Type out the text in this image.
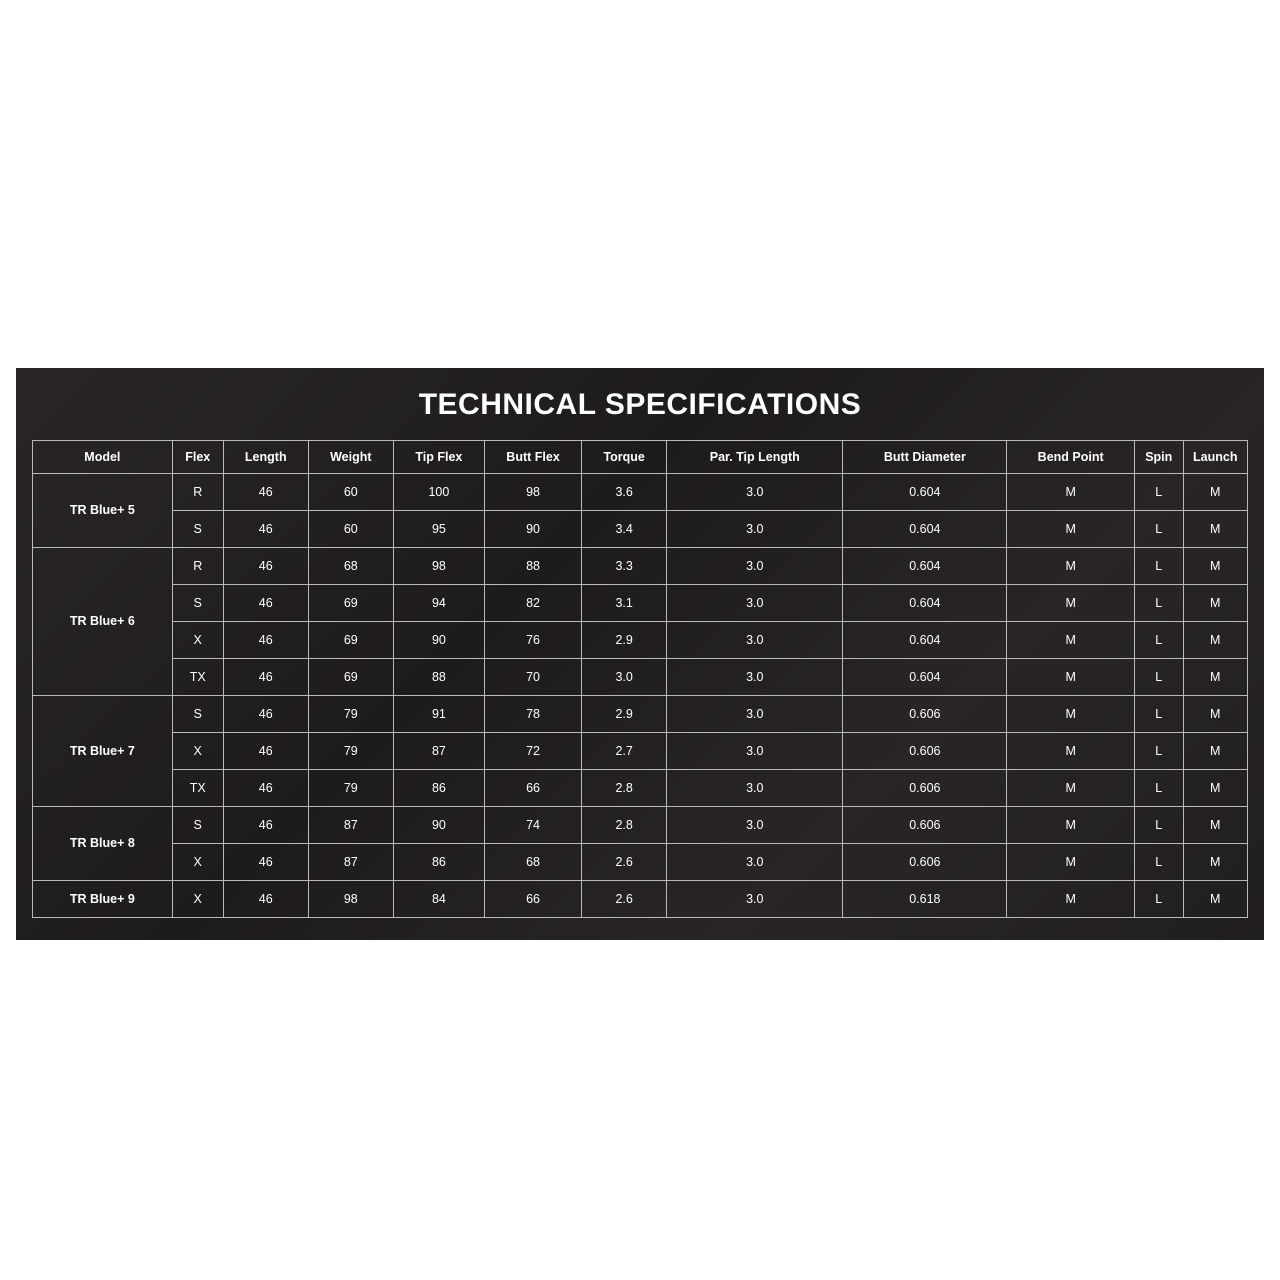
TECHNICAL SPECIFICATIONS
Model	Flex	Length	Weight	Tip Flex	Butt Flex	Torque	Par. Tip Length	Butt Diameter	Bend Point	Spin	Launch
TR Blue+ 5	R	46	60	100	98	3.6	3.0	0.604	M	L	M
	S	46	60	95	90	3.4	3.0	0.604	M	L	M
TR Blue+ 6	R	46	68	98	88	3.3	3.0	0.604	M	L	M
	S	46	69	94	82	3.1	3.0	0.604	M	L	M
	X	46	69	90	76	2.9	3.0	0.604	M	L	M
	TX	46	69	88	70	3.0	3.0	0.604	M	L	M
TR Blue+ 7	S	46	79	91	78	2.9	3.0	0.606	M	L	M
	X	46	79	87	72	2.7	3.0	0.606	M	L	M
	TX	46	79	86	66	2.8	3.0	0.606	M	L	M
TR Blue+ 8	S	46	87	90	74	2.8	3.0	0.606	M	L	M
	X	46	87	86	68	2.6	3.0	0.606	M	L	M
TR Blue+ 9	X	46	98	84	66	2.6	3.0	0.618	M	L	M
